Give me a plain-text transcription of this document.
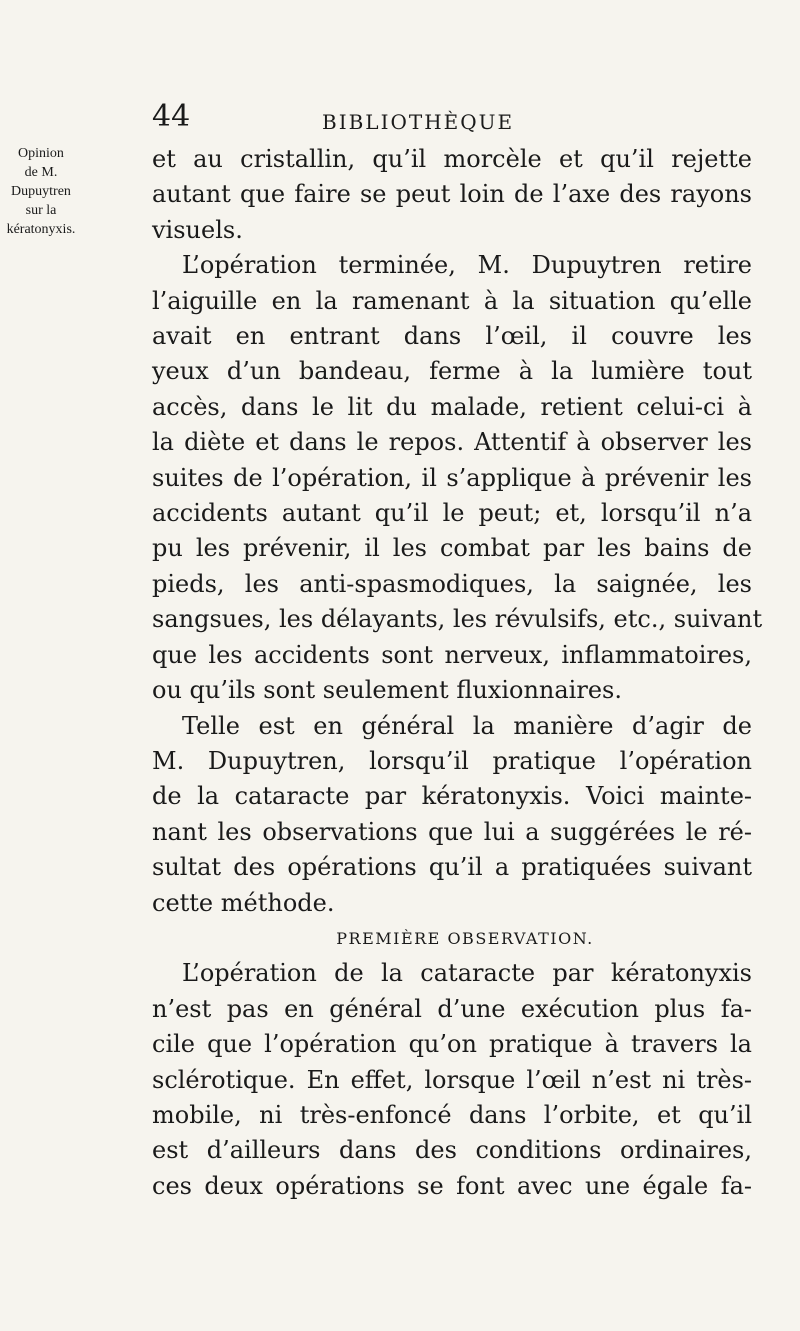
44	BIBLIOTHÈQUE
Opinion
de M.
Dupuytren
sur la
kératonyxis.
et au cristallin, qu’il morcèle et qu’il rejette
autant que faire se peut loin de l’axe des rayons
visuels.
L’opération terminée, M. Dupuytren retire
l’aiguille en la ramenant à la situation qu’elle
avait en entrant dans l’œil, il couvre les
yeux d’un bandeau, ferme à la lumière tout
accès, dans le lit du malade, retient celui-ci à
la diète et dans le repos. Attentif à observer les
suites de l’opération, il s’applique à prévenir les
accidents autant qu’il le peut; et, lorsqu’il n’a
pu les prévenir, il les combat par les bains de
pieds, les anti-spasmodiques, la saignée, les
sangsues, les délayants, les révulsifs, etc., suivant
que les accidents sont nerveux, inflammatoires,
ou qu’ils sont seulement fluxionnaires.
Telle est en général la manière d’agir de
M. Dupuytren, lorsqu’il pratique l’opération
de la cataracte par kératonyxis. Voici mainte-
nant les observations que lui a suggérées le ré-
sultat des opérations qu’il a pratiquées suivant
cette méthode.
PREMIÈRE OBSERVATION.
L’opération de la cataracte par kératonyxis
n’est pas en général d’une exécution plus fa-
cile que l’opération qu’on pratique à travers la
sclérotique. En effet, lorsque l’œil n’est ni très-
mobile, ni très-enfoncé dans l’orbite, et qu’il
est d’ailleurs dans des conditions ordinaires,
ces deux opérations se font avec une égale fa-
